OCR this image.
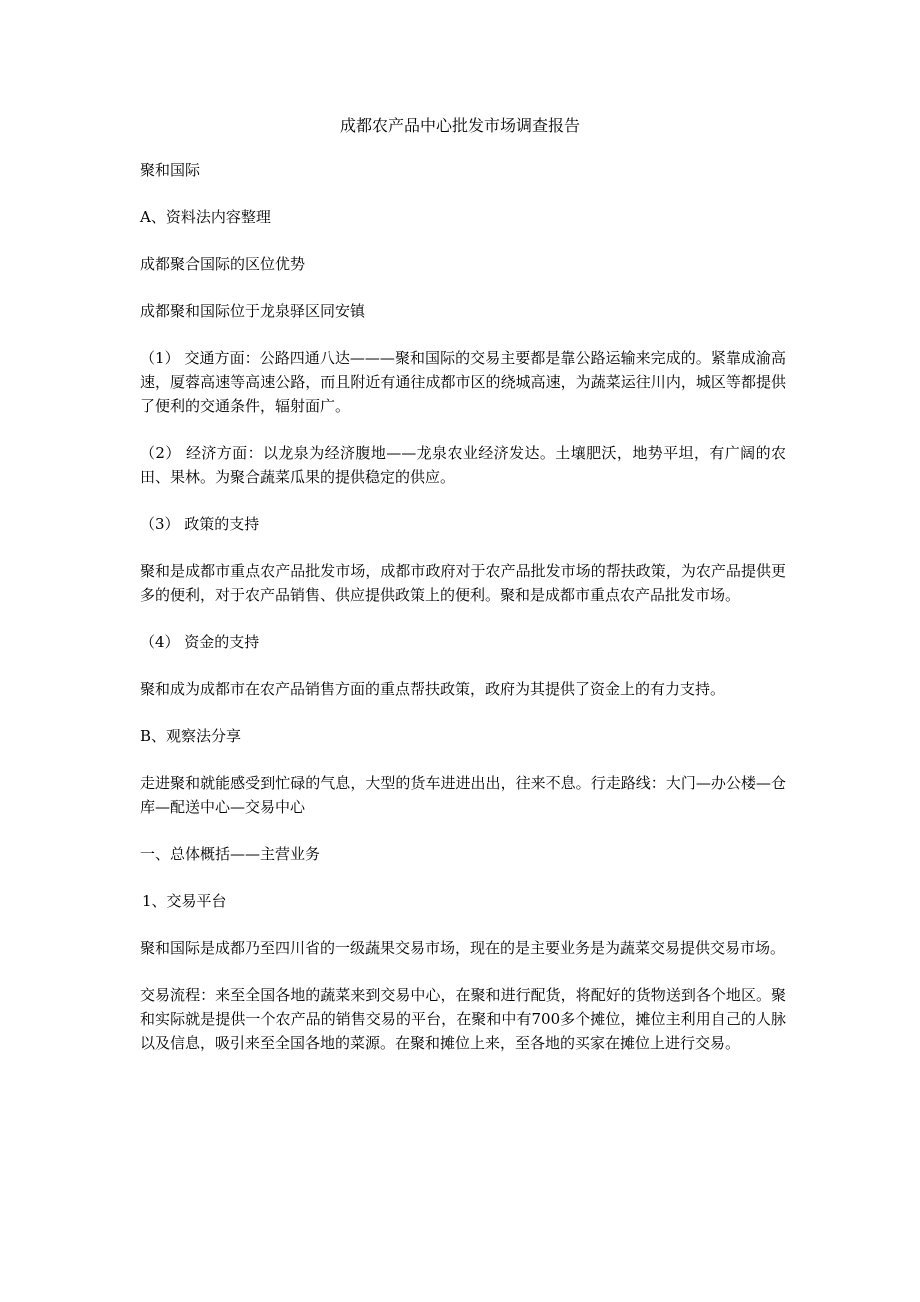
成都农产品中心批发市场调查报告

聚和国际

A、资料法内容整理

成都聚合国际的区位优势

成都聚和国际位于龙泉驿区同安镇

（1） 交通方面：公路四通八达———聚和国际的交易主要都是靠公路运输来完成的。紧靠成渝高速，厦蓉高速等高速公路，而且附近有通往成都市区的绕城高速，为蔬菜运往川内，城区等都提供了便利的交通条件，辐射面广。

（2） 经济方面：以龙泉为经济腹地——龙泉农业经济发达。土壤肥沃，地势平坦，有广阔的农田、果林。为聚合蔬菜瓜果的提供稳定的供应。

（3） 政策的支持

聚和是成都市重点农产品批发市场，成都市政府对于农产品批发市场的帮扶政策，为农产品提供更多的便利，对于农产品销售、供应提供政策上的便利。聚和是成都市重点农产品批发市场。

（4） 资金的支持

聚和成为成都市在农产品销售方面的重点帮扶政策，政府为其提供了资金上的有力支持。

B、观察法分享

走进聚和就能感受到忙碌的气息，大型的货车进进出出，往来不息。行走路线：大门—办公楼—仓库—配送中心—交易中心

一、总体概括——主营业务

1、交易平台

聚和国际是成都乃至四川省的一级蔬果交易市场，现在的是主要业务是为蔬菜交易提供交易市场。

交易流程：来至全国各地的蔬菜来到交易中心，在聚和进行配货，将配好的货物送到各个地区。聚和实际就是提供一个农产品的销售交易的平台，在聚和中有700多个摊位，摊位主利用自己的人脉以及信息，吸引来至全国各地的菜源。在聚和摊位上来，至各地的买家在摊位上进行交易。
